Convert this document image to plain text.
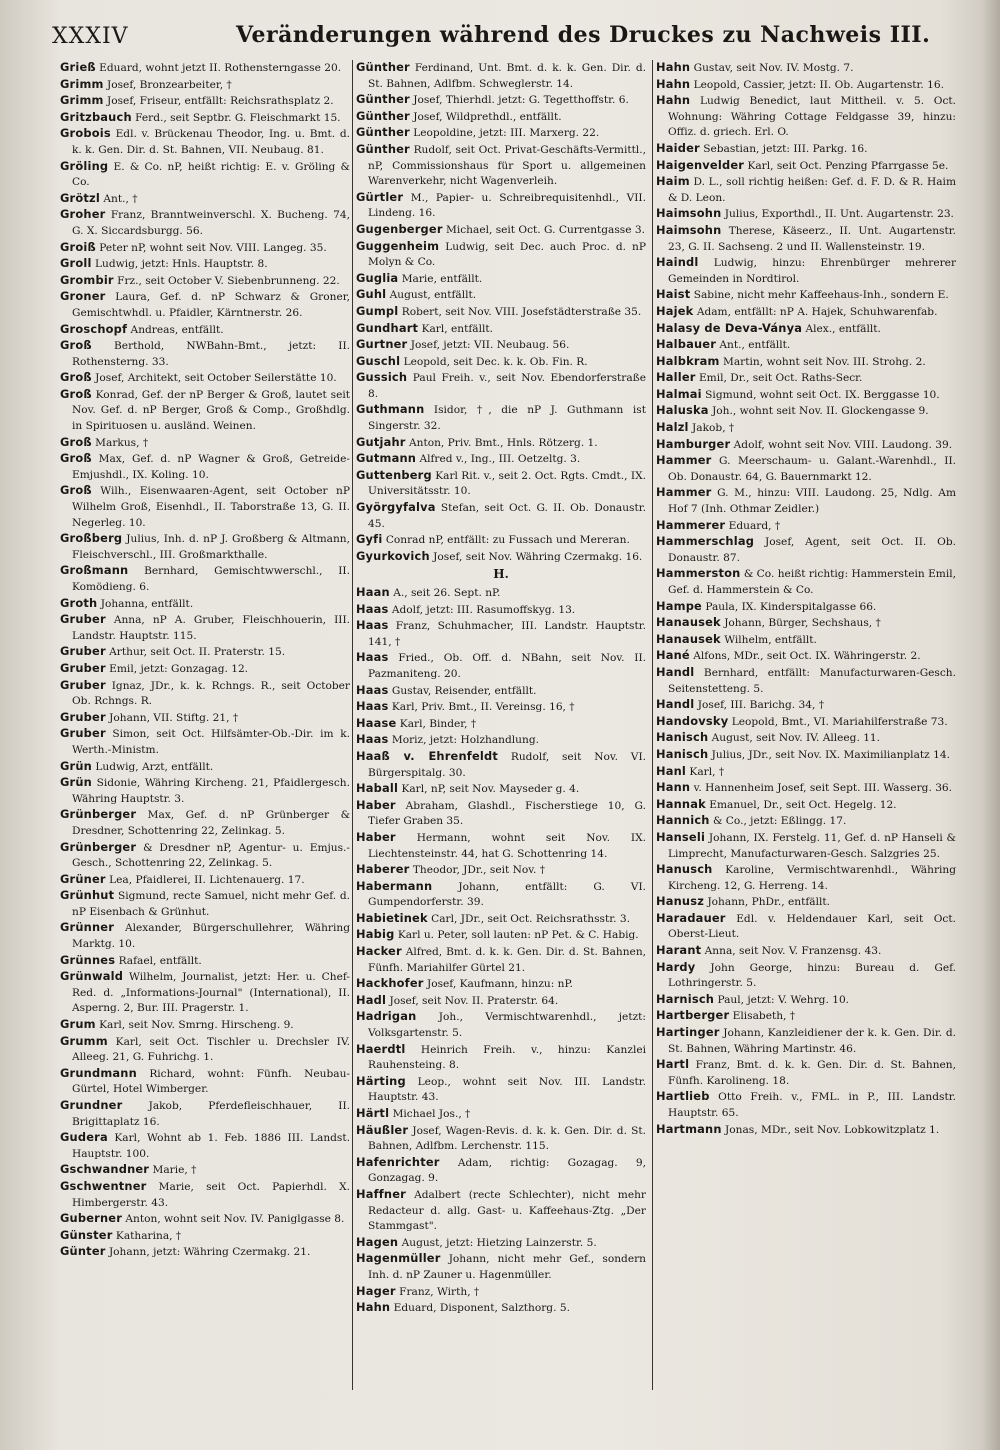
XXXIV	Veränderungen während des Druckes zu Nachweis III.

Grieß Eduard, wohnt jetzt II. Rothensterngasse 20.

Grimm Josef, Bronzearbeiter, †

Grimm Josef, Friseur, entfällt: Reichsrathsplatz 2.

Gritzbauch Ferd., seit Septbr. G. Fleischmarkt 15.

Grobois Edl. v. Brückenau Theodor, Ing. u. Bmt. d. k. k. Gen. Dir. d. St. Bahnen, VII. Neubaug. 81.

Gröling E. & Co. nP, heißt richtig: E. v. Gröling & Co.

Grötzl Ant., †

Groher Franz, Branntweinverschl. X. Bucheng. 74, G. X. Siccardsburgg. 56.

Groiß Peter nP, wohnt seit Nov. VIII. Langeg. 35.

Groll Ludwig, jetzt: Hnls. Hauptstr. 8.

Grombir Frz., seit October V. Siebenbrunneng. 22.

Groner Laura, Gef. d. nP Schwarz & Groner, Gemischtwhdl. u. Pfaidler, Kärntnerstr. 26.

Groschopf Andreas, entfällt.

Groß Berthold, NWBahn-Bmt., jetzt: II. Rothensterng. 33.

Groß Josef, Architekt, seit October Seilerstätte 10.

Groß Konrad, Gef. der nP Berger & Groß, lautet seit Nov. Gef. d. nP Berger, Groß & Comp., Großhdlg. in Spirituosen u. ausländ. Weinen.

Groß Markus, †

Groß Max, Gef. d. nP Wagner & Groß, Getreide-Emjushdl., IX. Koling. 10.

Groß Wilh., Eisenwaaren-Agent, seit October nP Wilhelm Groß, Eisenhdl., II. Taborstraße 13, G. II. Negerleg. 10.

Großberg Julius, Inh. d. nP J. Großberg & Altmann, Fleischverschl., III. Großmarkthalle.

Großmann Bernhard, Gemischtwwerschl., II. Komödieng. 6.

Groth Johanna, entfällt.

Gruber Anna, nP A. Gruber, Fleischhouerin, III. Landstr. Hauptstr. 115.

Gruber Arthur, seit Oct. II. Praterstr. 15.

Gruber Emil, jetzt: Gonzagag. 12.

Gruber Ignaz, JDr., k. k. Rchngs. R., seit October Ob. Rchngs. R.

Gruber Johann, VII. Stiftg. 21, †

Gruber Simon, seit Oct. Hilfsämter-Ob.-Dir. im k. Werth.-Ministm.

Grün Ludwig, Arzt, entfällt.

Grün Sidonie, Währing Kircheng. 21, Pfaidlergesch. Währing Hauptstr. 3.

Grünberger Max, Gef. d. nP Grünberger & Dresdner, Schottenring 22, Zelinkag. 5.

Grünberger & Dresdner nP, Agentur- u. Emjus.-Gesch., Schottenring 22, Zelinkag. 5.

Grüner Lea, Pfaidlerei, II. Lichtenauerg. 17.

Grünhut Sigmund, recte Samuel, nicht mehr Gef. d. nP Eisenbach & Grünhut.

Grünner Alexander, Bürgerschullehrer, Währing Marktg. 10.

Grünnes Rafael, entfällt.

Grünwald Wilhelm, Journalist, jetzt: Her. u. Chef-Red. d. „Informations-Journal" (International), II. Asperng. 2, Bur. III. Pragerstr. 1.

Grum Karl, seit Nov. Smrng. Hirscheng. 9.

Grumm Karl, seit Oct. Tischler u. Drechsler IV. Alleeg. 21, G. Fuhrichg. 1.

Grundmann Richard, wohnt: Fünfh. Neubau-Gürtel, Hotel Wimberger.

Grundner Jakob, Pferdefleischhauer, II. Brigittaplatz 16.

Gudera Karl, Wohnt ab 1. Feb. 1886 III. Landst. Hauptstr. 100.

Gschwandner Marie, †

Gschwentner Marie, seit Oct. Papierhdl. X. Himbergerstr. 43.

Guberner Anton, wohnt seit Nov. IV. Paniglgasse 8.

Günster Katharina, †

Günter Johann, jetzt: Währing Czermakg. 21.

Günther Ferdinand, Unt. Bmt. d. k. k. Gen. Dir. d. St. Bahnen, Adlfbm. Schweglerstr. 14.

Günther Josef, Thierhdl. jetzt: G. Tegetthoffstr. 6.

Günther Josef, Wildprethdl., entfällt.

Günther Leopoldine, jetzt: III. Marxerg. 22.

Günther Rudolf, seit Oct. Privat-Geschäfts-Vermittl., nP, Commissionshaus für Sport u. allgemeinen Warenverkehr, nicht Wagenverleih.

Gürtler M., Papier- u. Schreibrequisitenhdl., VII. Lindeng. 16.

Gugenberger Michael, seit Oct. G. Currentgasse 3.

Guggenheim Ludwig, seit Dec. auch Proc. d. nP Molyn & Co.

Guglia Marie, entfällt.

Guhl August, entfällt.

Gumpl Robert, seit Nov. VIII. Josefstädterstraße 35.

Gundhart Karl, entfällt.

Gurtner Josef, jetzt: VII. Neubaug. 56.

Guschl Leopold, seit Dec. k. k. Ob. Fin. R.

Gussich Paul Freih. v., seit Nov. Ebendorferstraße 8.

Guthmann Isidor, †, die nP J. Guthmann ist Singerstr. 32.

Gutjahr Anton, Priv. Bmt., Hnls. Rötzerg. 1.

Gutmann Alfred v., Ing., III. Oetzeltg. 3.

Guttenberg Karl Rit. v., seit 2. Oct. Rgts. Cmdt., IX. Universitätsstr. 10.

Györgyfalva Stefan, seit Oct. G. II. Ob. Donaustr. 45.

Gyfi Conrad nP, entfällt: zu Fussach und Mereran.

Gyurkovich Josef, seit Nov. Währing Czermakg. 16.

H.

Haan A., seit 26. Sept. nP.

Haas Adolf, jetzt: III. Rasumoffskyg. 13.

Haas Franz, Schuhmacher, III. Landstr. Hauptstr. 141, †

Haas Fried., Ob. Off. d. NBahn, seit Nov. II. Pazmaniteng. 20.

Haas Gustav, Reisender, entfällt.

Haas Karl, Priv. Bmt., II. Vereinsg. 16, †

Haase Karl, Binder, †

Haas Moriz, jetzt: Holzhandlung.

Haaß v. Ehrenfeldt Rudolf, seit Nov. VI. Bürgerspitalg. 30.

Haball Karl, nP, seit Nov. Mayseder g. 4.

Haber Abraham, Glashdl., Fischerstiege 10, G. Tiefer Graben 35.

Haber Hermann, wohnt seit Nov. IX. Liechtensteinstr. 44, hat G. Schottenring 14.

Haberer Theodor, JDr., seit Nov. †

Habermann Johann, entfällt: G. VI. Gumpendorferstr. 39.

Habietinek Carl, JDr., seit Oct. Reichsrathsstr. 3.

Habig Karl u. Peter, soll lauten: nP Pet. & C. Habig.

Hacker Alfred, Bmt. d. k. k. Gen. Dir. d. St. Bahnen, Fünfh. Mariahilfer Gürtel 21.

Hackhofer Josef, Kaufmann, hinzu: nP.

Hadl Josef, seit Nov. II. Praterstr. 64.

Hadrigan Joh., Vermischtwarenhdl., jetzt: Volksgartenstr. 5.

Haerdtl Heinrich Freih. v., hinzu: Kanzlei Rauhensteing. 8.

Härting Leop., wohnt seit Nov. III. Landstr. Hauptstr. 43.

Härtl Michael Jos., †

Häußler Josef, Wagen-Revis. d. k. k. Gen. Dir. d. St. Bahnen, Adlfbm. Lerchenstr. 115.

Hafenrichter Adam, richtig: Gozagag. 9, Gonzagag. 9.

Haffner Adalbert (recte Schlechter), nicht mehr Redacteur d. allg. Gast- u. Kaffeehaus-Ztg. „Der Stammgast".

Hagen August, jetzt: Hietzing Lainzerstr. 5.

Hagenmüller Johann, nicht mehr Gef., sondern Inh. d. nP Zauner u. Hagenmüller.

Hager Franz, Wirth, †

Hahn Eduard, Disponent, Salzthorg. 5.

Hahn Gustav, seit Nov. IV. Mostg. 7.

Hahn Leopold, Cassier, jetzt: II. Ob. Augartenstr. 16.

Hahn Ludwig Benedict, laut Mittheil. v. 5. Oct. Wohnung: Währing Cottage Feldgasse 39, hinzu: Offiz. d. griech. Erl. O.

Haider Sebastian, jetzt: III. Parkg. 16.

Haigenvelder Karl, seit Oct. Penzing Pfarrgasse 5e.

Haim D. L., soll richtig heißen: Gef. d. F. D. & R. Haim & D. Leon.

Haimsohn Julius, Exporthdl., II. Unt. Augartenstr. 23.

Haimsohn Therese, Käseerz., II. Unt. Augartenstr. 23, G. II. Sachseng. 2 und II. Wallensteinstr. 19.

Haindl Ludwig, hinzu: Ehrenbürger mehrerer Gemeinden in Nordtirol.

Haist Sabine, nicht mehr Kaffeehaus-Inh., sondern E.

Hajek Adam, entfällt: nP A. Hajek, Schuhwarenfab.

Halasy de Deva-Ványa Alex., entfällt.

Halbauer Ant., entfällt.

Halbkram Martin, wohnt seit Nov. III. Strohg. 2.

Haller Emil, Dr., seit Oct. Raths-Secr.

Halmai Sigmund, wohnt seit Oct. IX. Berggasse 10.

Haluska Joh., wohnt seit Nov. II. Glockengasse 9.

Halzl Jakob, †

Hamburger Adolf, wohnt seit Nov. VIII. Laudong. 39.

Hammer G. Meerschaum- u. Galant.-Warenhdl., II. Ob. Donaustr. 64, G. Bauernmarkt 12.

Hammer G. M., hinzu: VIII. Laudong. 25, Ndlg. Am Hof 7 (Inh. Othmar Zeidler.)

Hammerer Eduard, †

Hammerschlag Josef, Agent, seit Oct. II. Ob. Donaustr. 87.

Hammerston & Co. heißt richtig: Hammerstein Emil, Gef. d. Hammerstein & Co.

Hampe Paula, IX. Kinderspitalgasse 66.

Hanausek Johann, Bürger, Sechshaus, †

Hanausek Wilhelm, entfällt.

Hané Alfons, MDr., seit Oct. IX. Währingerstr. 2.

Handl Bernhard, entfällt: Manufacturwaren-Gesch. Seitenstetteng. 5.

Handl Josef, III. Barichg. 34, †

Handovsky Leopold, Bmt., VI. Mariahilferstraße 73.

Hanisch August, seit Nov. IV. Alleeg. 11.

Hanisch Julius, JDr., seit Nov. IX. Maximilianplatz 14.

Hanl Karl, †

Hann v. Hannenheim Josef, seit Sept. III. Wasserg. 36.

Hannak Emanuel, Dr., seit Oct. Hegelg. 12.

Hannich & Co., jetzt: Eßlingg. 17.

Hanseli Johann, IX. Ferstelg. 11, Gef. d. nP Hanseli & Limprecht, Manufacturwaren-Gesch. Salzgries 25.

Hanusch Karoline, Vermischtwarenhdl., Währing Kircheng. 12, G. Herreng. 14.

Hanusz Johann, PhDr., entfällt.

Haradauer Edl. v. Heldendauer Karl, seit Oct. Oberst-Lieut.

Harant Anna, seit Nov. V. Franzensg. 43.

Hardy John George, hinzu: Bureau d. Gef. Lothringerstr. 5.

Harnisch Paul, jetzt: V. Wehrg. 10.

Hartberger Elisabeth, †

Hartinger Johann, Kanzleidiener der k. k. Gen. Dir. d. St. Bahnen, Währing Martinstr. 46.

Hartl Franz, Bmt. d. k. k. Gen. Dir. d. St. Bahnen, Fünfh. Karolineng. 18.

Hartlieb Otto Freih. v., FML. in P., III. Landstr. Hauptstr. 65.

Hartmann Jonas, MDr., seit Nov. Lobkowitzplatz 1.
